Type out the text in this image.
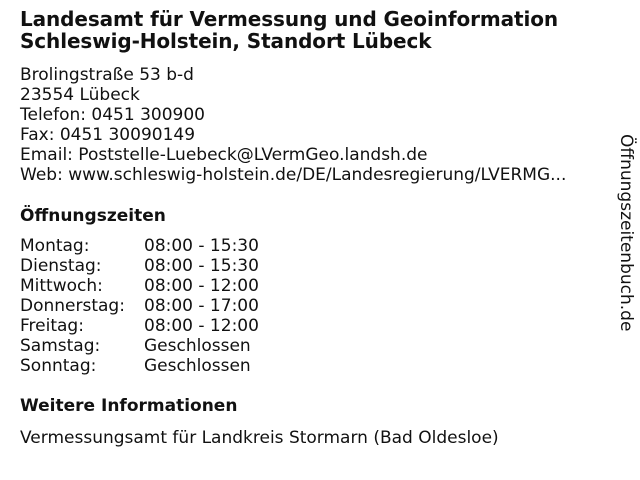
Landesamt für Vermessung und Geoinformation Schleswig-Holstein, Standort Lübeck
Brolingstraße 53 b-d
23554 Lübeck
Telefon: 0451 300900
Fax: 0451 30090149
Email: Poststelle-Luebeck@LVermGeo.landsh.de
Web: www.schleswig-holstein.de/DE/Landesregierung/LVERMG...
Öffnungszeiten
Montag:	08:00 - 15:30
Dienstag:	08:00 - 15:30
Mittwoch:	08:00 - 12:00
Donnerstag:	08:00 - 17:00
Freitag:	08:00 - 12:00
Samstag:	Geschlossen
Sonntag:	Geschlossen
Weitere Informationen
Vermessungsamt für Landkreis Stormarn (Bad Oldesloe)
Öffnungszeitenbuch.de
